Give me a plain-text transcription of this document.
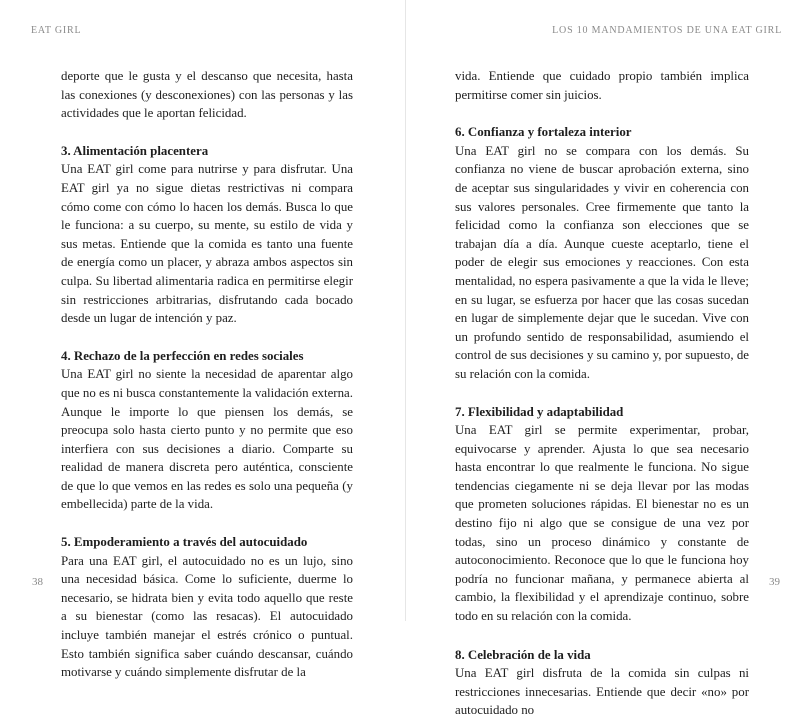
EAT GIRL

deporte que le gusta y el descanso que necesita, hasta las conexiones (y desconexiones) con las personas y las actividades que le aportan felicidad.

3. Alimentación placentera

Una EAT girl come para nutrirse y para disfrutar. Una EAT girl ya no sigue dietas restrictivas ni compara cómo come con cómo lo hacen los demás. Busca lo que le funciona: a su cuerpo, su mente, su estilo de vida y sus metas. Entiende que la comida es tanto una fuente de energía como un placer, y abraza ambos aspectos sin culpa. Su libertad alimentaria radica en permitirse elegir sin restricciones arbitrarias, disfrutando cada bocado desde un lugar de intención y paz.

4. Rechazo de la perfección en redes sociales

Una EAT girl no siente la necesidad de aparentar algo que no es ni busca constantemente la validación externa. Aunque le importe lo que piensen los demás, se preocupa solo hasta cierto punto y no permite que eso interfiera con sus decisiones a diario. Comparte su realidad de manera discreta pero auténtica, consciente de que lo que vemos en las redes es solo una pequeña (y embellecida) parte de la vida.

5. Empoderamiento a través del autocuidado

Para una EAT girl, el autocuidado no es un lujo, sino una necesidad básica. Come lo suficiente, duerme lo necesario, se hidrata bien y evita todo aquello que reste a su bienestar (como las resacas). El autocuidado incluye también manejar el estrés crónico o puntual. Esto también significa saber cuándo descansar, cuándo motivarse y cuándo simplemente disfrutar de la

38
LOS 10 MANDAMIENTOS DE UNA EAT GIRL

vida. Entiende que cuidado propio también implica permitirse comer sin juicios.

6. Confianza y fortaleza interior

Una EAT girl no se compara con los demás. Su confianza no viene de buscar aprobación externa, sino de aceptar sus singularidades y vivir en coherencia con sus valores personales. Cree firmemente que tanto la felicidad como la confianza son elecciones que se trabajan día a día. Aunque cueste aceptarlo, tiene el poder de elegir sus emociones y reacciones. Con esta mentalidad, no espera pasivamente a que la vida le lleve; en su lugar, se esfuerza por hacer que las cosas sucedan en lugar de simplemente dejar que le sucedan. Vive con un profundo sentido de responsabilidad, asumiendo el control de sus decisiones y su camino y, por supuesto, de su relación con la comida.

7. Flexibilidad y adaptabilidad

Una EAT girl se permite experimentar, probar, equivocarse y aprender. Ajusta lo que sea necesario hasta encontrar lo que realmente le funciona. No sigue tendencias ciegamente ni se deja llevar por las modas que prometen soluciones rápidas. El bienestar no es un destino fijo ni algo que se consigue de una vez por todas, sino un proceso dinámico y constante de autoconocimiento. Reconoce que lo que le funciona hoy podría no funcionar mañana, y permanece abierta al cambio, la flexibilidad y el aprendizaje continuo, sobre todo en su relación con la comida.

8. Celebración de la vida

Una EAT girl disfruta de la comida sin culpas ni restricciones innecesarias. Entiende que decir «no» por autocuidado no

39
